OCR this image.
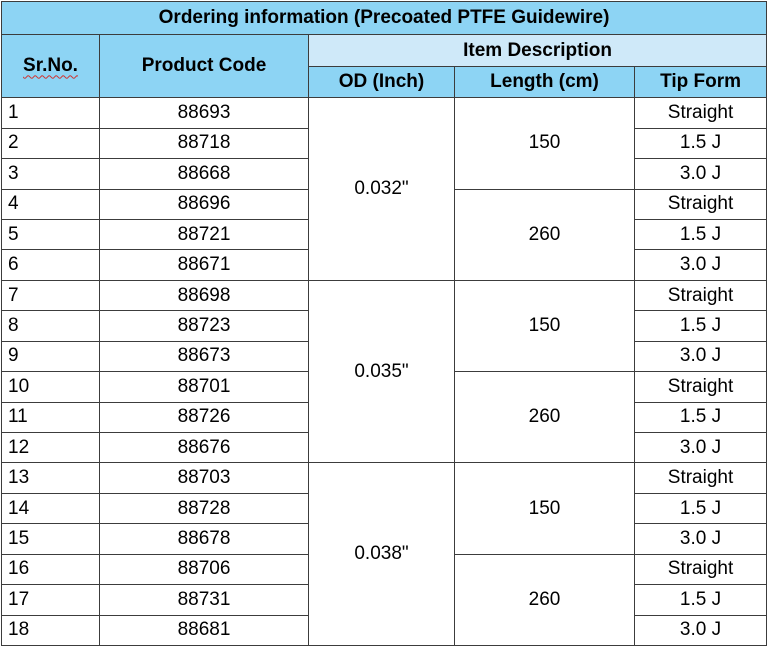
Ordering information (Precoated PTFE Guidewire)				
Sr.No.	Product Code	Item Description		
		OD (Inch)	Length (cm)	Tip Form
1	88693	0.032"	150	Straight
2	88718			1.5 J
3	88668			3.0 J
4	88696		260	Straight
5	88721			1.5 J
6	88671			3.0 J
7	88698	0.035"	150	Straight
8	88723			1.5 J
9	88673			3.0 J
10	88701		260	Straight
11	88726			1.5 J
12	88676			3.0 J
13	88703	0.038"	150	Straight
14	88728			1.5 J
15	88678			3.0 J
16	88706		260	Straight
17	88731			1.5 J
18	88681			3.0 J
